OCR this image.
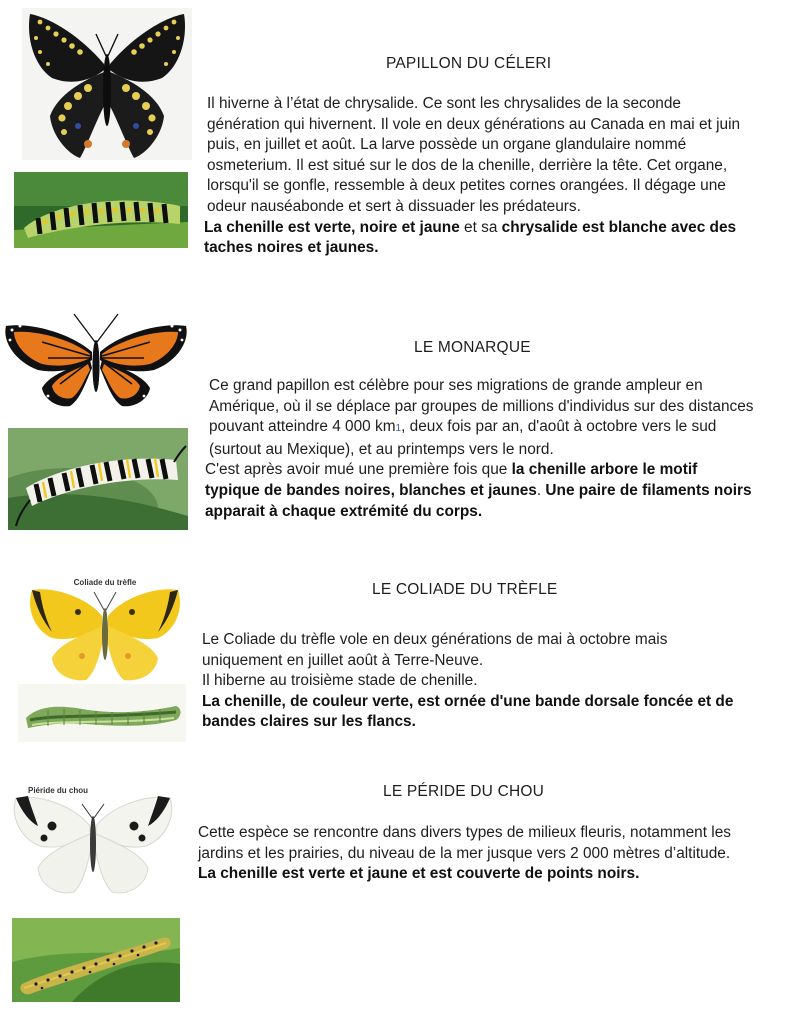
PAPILLON DU CÉLERI
Il hiverne à l’état de chrysalide. Ce sont les chrysalides de la seconde génération qui hivernent. Il vole en deux générations au Canada en mai et juin puis, en juillet et août. La larve possède un organe glandulaire nommé osmeterium. Il est situé sur le dos de la chenille, derrière la tête. Cet organe, lorsqu'il se gonfle, ressemble à deux petites cornes orangées. Il dégage une odeur nauséabonde et sert à dissuader les prédateurs.
La chenille est verte, noire et jaune et sa chrysalide est blanche avec des taches noires et jaunes.
LE MONARQUE
Ce grand papillon est célèbre pour ses migrations de grande ampleur en Amérique, où il se déplace par groupes de millions d'individus sur des distances pouvant atteindre 4 000 km1, deux fois par an, d'août à octobre vers le sud (surtout au Mexique), et au printemps vers le nord.
C'est après avoir mué une première fois que la chenille arbore le motif typique de bandes noires, blanches et jaunes. Une paire de filaments noirs apparait à chaque extrémité du corps.
Coliade du trèfle	LE COLIADE DU TRÈFLE
Le Coliade du trèfle vole en deux générations de mai à octobre mais uniquement en juillet août à Terre-Neuve.
Il hiberne au troisième stade de chenille.
La chenille, de couleur verte, est ornée d'une bande dorsale foncée et de bandes claires sur les flancs.
Piéride du chou	LE PÉRIDE DU CHOU
Cette espèce se rencontre dans divers types de milieux fleuris, notamment les jardins et les prairies, du niveau de la mer jusque vers 2 000 mètres d’altitude.
La chenille est verte et jaune et est couverte de points noirs.
